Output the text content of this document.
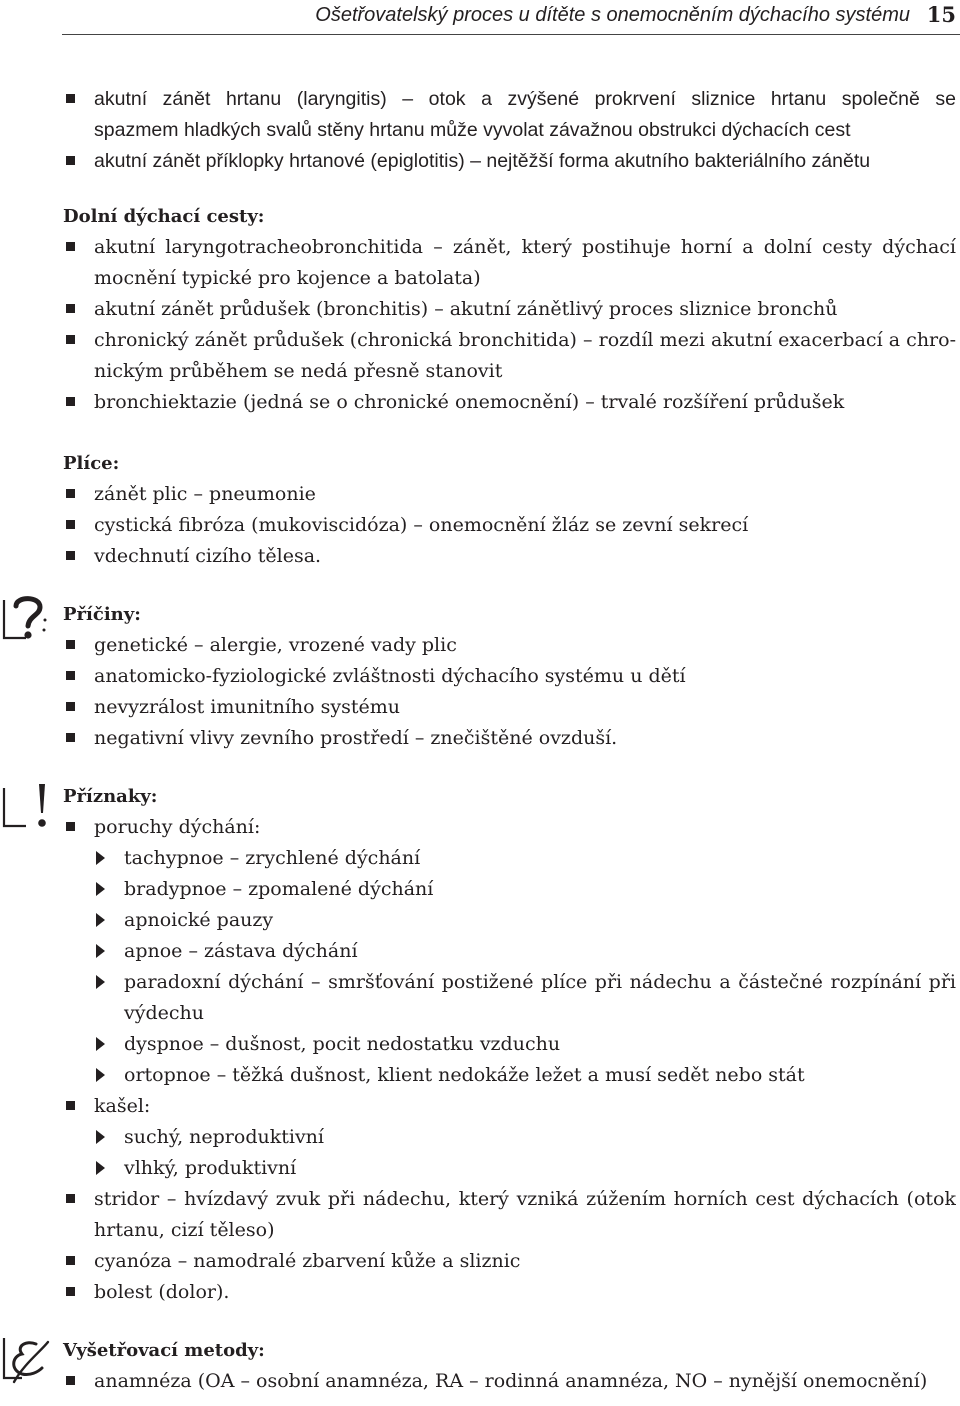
Ošetřovatelský proces u dítěte s onemocněním dýchacího systému 15
akutní zánět hrtanu (laryngitis) – otok a zvýšené prokrvení sliznice hrtanu společně se
spazmem hladkých svalů stěny hrtanu může vyvolat závažnou obstrukci dýchacích cest
akutní zánět příklopky hrtanové (epiglotitis) – nejtěžší forma akutního bakteriálního zánětu
Dolní dýchací cesty:
akutní laryngotracheobronchitida – zánět, který postihuje horní a dolní cesty dýchací
mocnění typické pro kojence a batolata)
akutní zánět průdušek (bronchitis) – akutní zánětlivý proces sliznice bronchů
chronický zánět průdušek (chronická bronchitida) – rozdíl mezi akutní exacerbací a chro-
nickým průběhem se nedá přesně stanovit
bronchiektazie (jedná se o chronické onemocnění) – trvalé rozšíření průdušek
Plíce:
zánět plic – pneumonie
cystická fibróza (mukoviscidóza) – onemocnění žláz se zevní sekrecí
vdechnutí cizího tělesa.
Příčiny:
genetické – alergie, vrozené vady plic
anatomicko-fyziologické zvláštnosti dýchacího systému u dětí
nevyzrálost imunitního systému
negativní vlivy zevního prostředí – znečištěné ovzduší.
Příznaky:
poruchy dýchání:
tachypnoe – zrychlené dýchání
bradypnoe – zpomalené dýchání
apnoické pauzy
apnoe – zástava dýchání
paradoxní dýchání – smršťování postižené plíce při nádechu a částečné rozpínání při
výdechu
dyspnoe – dušnost, pocit nedostatku vzduchu
ortopnoe – těžká dušnost, klient nedokáže ležet a musí sedět nebo stát
kašel:
suchý, neproduktivní
vlhký, produktivní
stridor – hvízdavý zvuk při nádechu, který vzniká zúžením horních cest dýchacích (otok
hrtanu, cizí těleso)
cyanóza – namodralé zbarvení kůže a sliznic
bolest (dolor).
Vyšetřovací metody:
anamnéza (OA – osobní anamnéza, RA – rodinná anamnéza, NO – nynější onemocnění)
